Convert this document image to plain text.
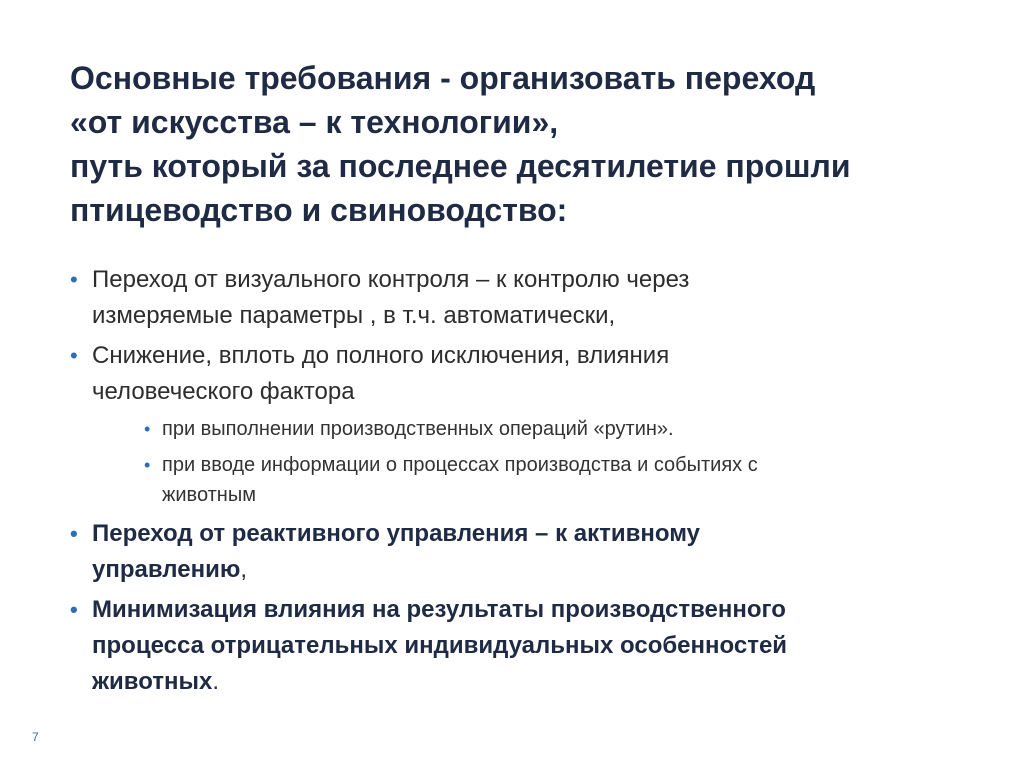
Основные требования - организовать переход
«от искусства – к технологии»,
путь который за последнее десятилетие прошли
птицеводство и свиноводство:
• Переход от визуального контроля – к контролю через
измеряемые параметры , в т.ч. автоматически,
• Снижение, вплоть до полного исключения, влияния
человеческого фактора
• при выполнении производственных операций «рутин».
• при вводе информации о процессах производства и событиях с
животным
• Переход от реактивного управления – к активному
управлению,
• Минимизация влияния на результаты производственного
процесса отрицательных индивидуальных особенностей
животных.
7
